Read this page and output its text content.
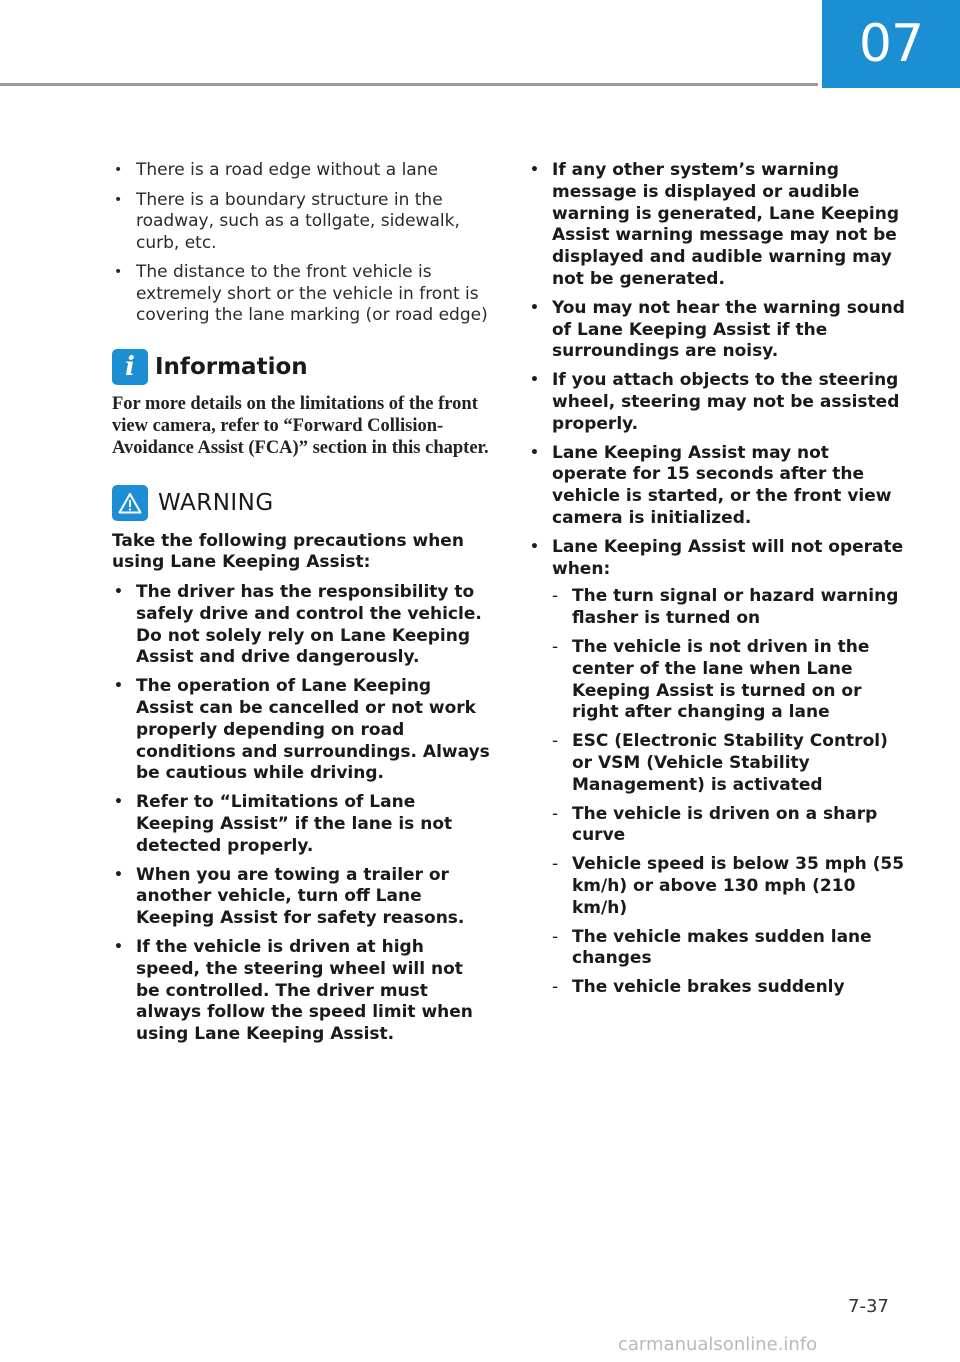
07
• There is a road edge without a lane
• There is a boundary structure in the roadway, such as a tollgate, sidewalk, curb, etc.
• The distance to the front vehicle is extremely short or the vehicle in front is covering the lane marking (or road edge)
i Information
For more details on the limitations of the front view camera, refer to “Forward Collision-Avoidance Assist (FCA)” section in this chapter.
WARNING
Take the following precautions when using Lane Keeping Assist:
• The driver has the responsibility to safely drive and control the vehicle. Do not solely rely on Lane Keeping Assist and drive dangerously.
• The operation of Lane Keeping Assist can be cancelled or not work properly depending on road conditions and surroundings. Always be cautious while driving.
• Refer to “Limitations of Lane Keeping Assist” if the lane is not detected properly.
• When you are towing a trailer or another vehicle, turn off Lane Keeping Assist for safety reasons.
• If the vehicle is driven at high speed, the steering wheel will not be controlled. The driver must always follow the speed limit when using Lane Keeping Assist.
• If any other system’s warning message is displayed or audible warning is generated, Lane Keeping Assist warning message may not be displayed and audible warning may not be generated.
• You may not hear the warning sound of Lane Keeping Assist if the surroundings are noisy.
• If you attach objects to the steering wheel, steering may not be assisted properly.
• Lane Keeping Assist may not operate for 15 seconds after the vehicle is started, or the front view camera is initialized.
• Lane Keeping Assist will not operate when:
- The turn signal or hazard warning flasher is turned on
- The vehicle is not driven in the center of the lane when Lane Keeping Assist is turned on or right after changing a lane
- ESC (Electronic Stability Control) or VSM (Vehicle Stability Management) is activated
- The vehicle is driven on a sharp curve
- Vehicle speed is below 35 mph (55 km/h) or above 130 mph (210 km/h)
- The vehicle makes sudden lane changes
- The vehicle brakes suddenly
7-37
carmanualsonline.info
